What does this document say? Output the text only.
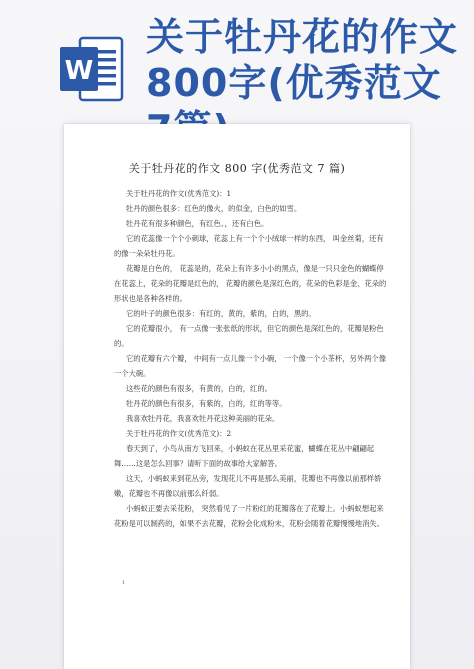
W
关于牡丹花的作文
800字(优秀范文
关于牡丹花的作文 800 字(优秀范文 7 篇)

关于牡丹花的作文(优秀范文)：1

牡丹的颜色很多：红色的像火，的似金，白色的如雪。

牡丹花有很多种颜色，有红色、，还有白色。

它的花蕊像一个个小刺球，花蕊上有一个个小绒球一样的东西， 叫金丝菊，还有的像一朵朵牡丹花。

花瓣是白色的， 花蕊是的，花朵上有许多小小的黑点，像是一只只金色的蝴蝶停在花蕊上，花朵的花瓣是红色的， 花瓣的颜色是深红色的，花朵的色彩是金、花朵的形状也是各种各样的。

它的叶子的颜色很多：有红的，黄的，紫的，白的，黑的。

它的花瓣很小， 有一点像一张张纸的形状，但它的颜色是深红色的，花瓣是粉色的。

它的花瓣有六个瓣， 中间有一点儿像一个小碗， 一个像一个小茶杯，另外两个像一个大碗。

这些花的颜色有很多，有黄的，白的，红的。

牡丹花的颜色有很多，有紫的，白的，红的等等。

我喜欢牡丹花，我喜欢牡丹花这种美丽的花朵。

关于牡丹花的作文(优秀范文)：2

春天到了，小鸟从南方飞回来，小蚂蚁在花丛里采花蜜，蝴蝶在花丛中翩翩起舞……这是怎么回事？请听下面的故事给大家解答。

这天，小蚂蚁来到花丛旁，发现花儿不再是那么美丽，花瓣也不再像以前那样娇嫩，花瓣也不再像以前那么纤弱。

小蚂蚁正要去采花粉， 突然看见了一片粉红的花瓣落在了花瓣上。小蚂蚁想起来花粉是可以制药的，如果不去花瓣，花粉会化成粉末，花粉会随着花瓣慢慢地消失。

1
